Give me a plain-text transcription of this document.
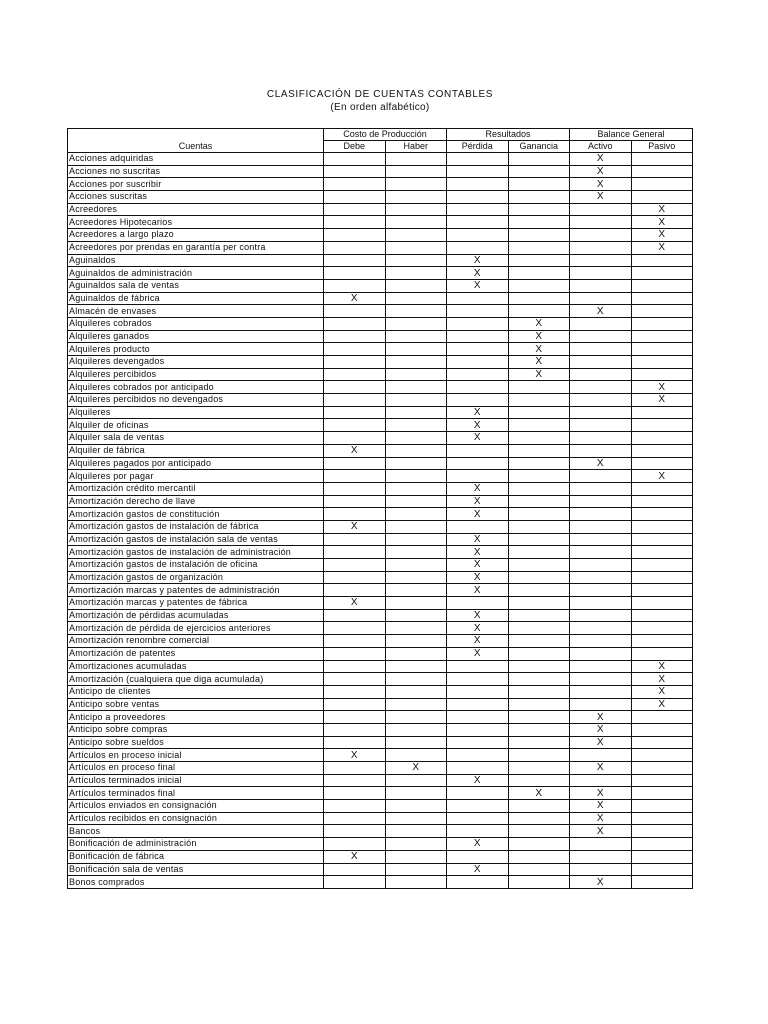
CLASIFICACIÓN DE CUENTAS CONTABLES
(En orden alfabético)
Cuentas	Costo de Producción		Resultados		Balance General	
	Debe	Haber	Pérdida	Ganancia	Activo	Pasivo
Acciones adquiridas					X	
Acciones no suscritas					X	
Acciones por suscribir					X	
Acciones suscritas					X	
Acreedores						X
Acreedores Hipotecarios						X
Acreedores a largo plazo						X
Acreedores por prendas en garantía per contra						X
Aguinaldos			X			
Aguinaldos de administración			X			
Aguinaldos sala de ventas			X			
Aguinaldos de fábrica	X					
Almacén de envases					X	
Alquileres cobrados				X		
Alquileres ganados				X		
Alquileres producto				X		
Alquileres devengados				X		
Alquileres percibidos				X		
Alquileres cobrados por anticipado						X
Alquileres percibidos no devengados						X
Alquileres			X			
Alquiler de oficinas			X			
Alquiler sala de ventas			X			
Alquiler de fábrica	X					
Alquileres pagados por anticipado					X	
Alquileres por pagar						X
Amortización crédito mercantil			X			
Amortización derecho de llave			X			
Amortización gastos de constitución			X			
Amortización gastos de instalación de fábrica	X					
Amortización gastos de instalación sala de ventas			X			
Amortización gastos de instalación de administración			X			
Amortización gastos de instalación de oficina			X			
Amortización gastos de organización			X			
Amortización marcas y patentes de administración			X			
Amortización marcas y patentes de fábrica	X					
Amortización de pérdidas acumuladas			X			
Amortización de pérdida de ejercicios anteriores			X			
Amortización renombre comercial			X			
Amortización de patentes			X			
Amortizaciones acumuladas						X
Amortización (cualquiera que diga acumulada)						X
Anticipo de clientes						X
Anticipo sobre ventas						X
Anticipo a proveedores					X	
Anticipo sobre compras					X	
Anticipo sobre sueldos					X	
Artículos en proceso inicial	X					
Artículos en proceso final		X			X	
Artículos terminados inicial			X			
Artículos terminados final				X	X	
Artículos enviados en consignación					X	
Artículos recibidos en consignación					X	
Bancos					X	
Bonificación de administración			X			
Bonificación de fábrica	X					
Bonificación sala de ventas			X			
Bonos comprados					X	
